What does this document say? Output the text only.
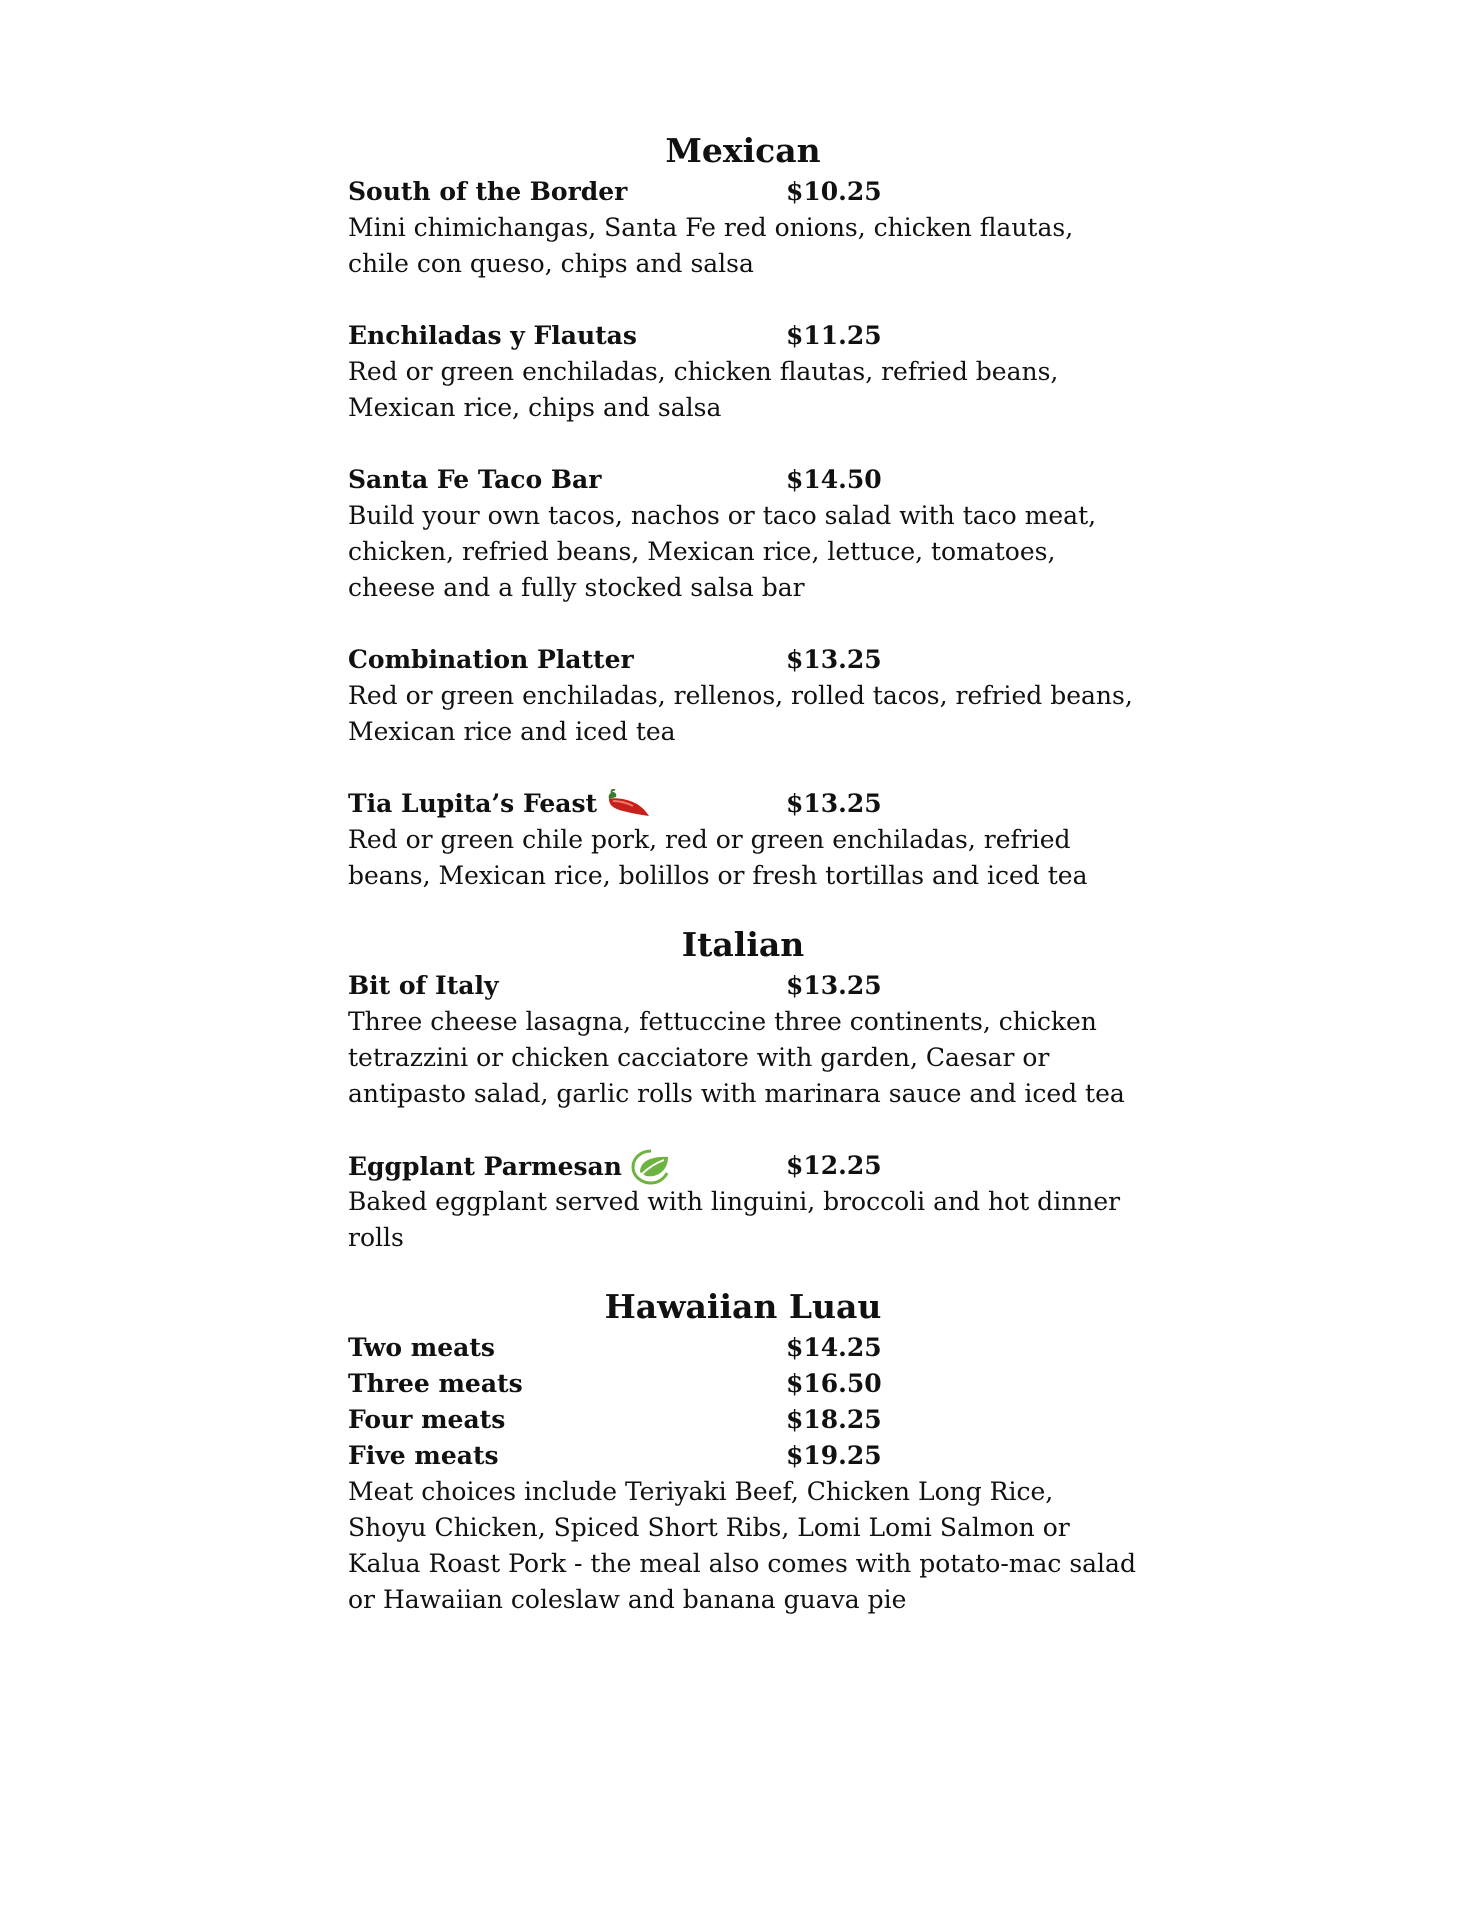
Mexican
South of the Border	$10.25

Mini chimichangas, Santa Fe red onions, chicken flautas, chile con queso, chips and salsa

Enchiladas y Flautas	$11.25

Red or green enchiladas, chicken flautas, refried beans, Mexican rice, chips and salsa

Santa Fe Taco Bar	$14.50

Build your own tacos, nachos or taco salad with taco meat, chicken, refried beans, Mexican rice, lettuce, tomatoes, cheese and a fully stocked salsa bar

Combination Platter	$13.25

Red or green enchiladas, rellenos, rolled tacos, refried beans, Mexican rice and iced tea

Tia Lupita’s Feast	$13.25

Red or green chile pork, red or green enchiladas, refried beans, Mexican rice, bolillos or fresh tortillas and iced tea

Italian
Bit of Italy	$13.25

Three cheese lasagna, fettuccine three continents, chicken tetrazzini or chicken cacciatore with garden, Caesar or antipasto salad, garlic rolls with marinara sauce and iced tea

Eggplant Parmesan	$12.25

Baked eggplant served with linguini, broccoli and hot dinner rolls

Hawaiian Luau
Two meats	$14.25
Three meats	$16.50
Four meats	$18.25
Five meats	$19.25

Meat choices include Teriyaki Beef, Chicken Long Rice, Shoyu Chicken, Spiced Short Ribs, Lomi Lomi Salmon or Kalua Roast Pork - the meal also comes with potato-mac salad or Hawaiian coleslaw and banana guava pie
